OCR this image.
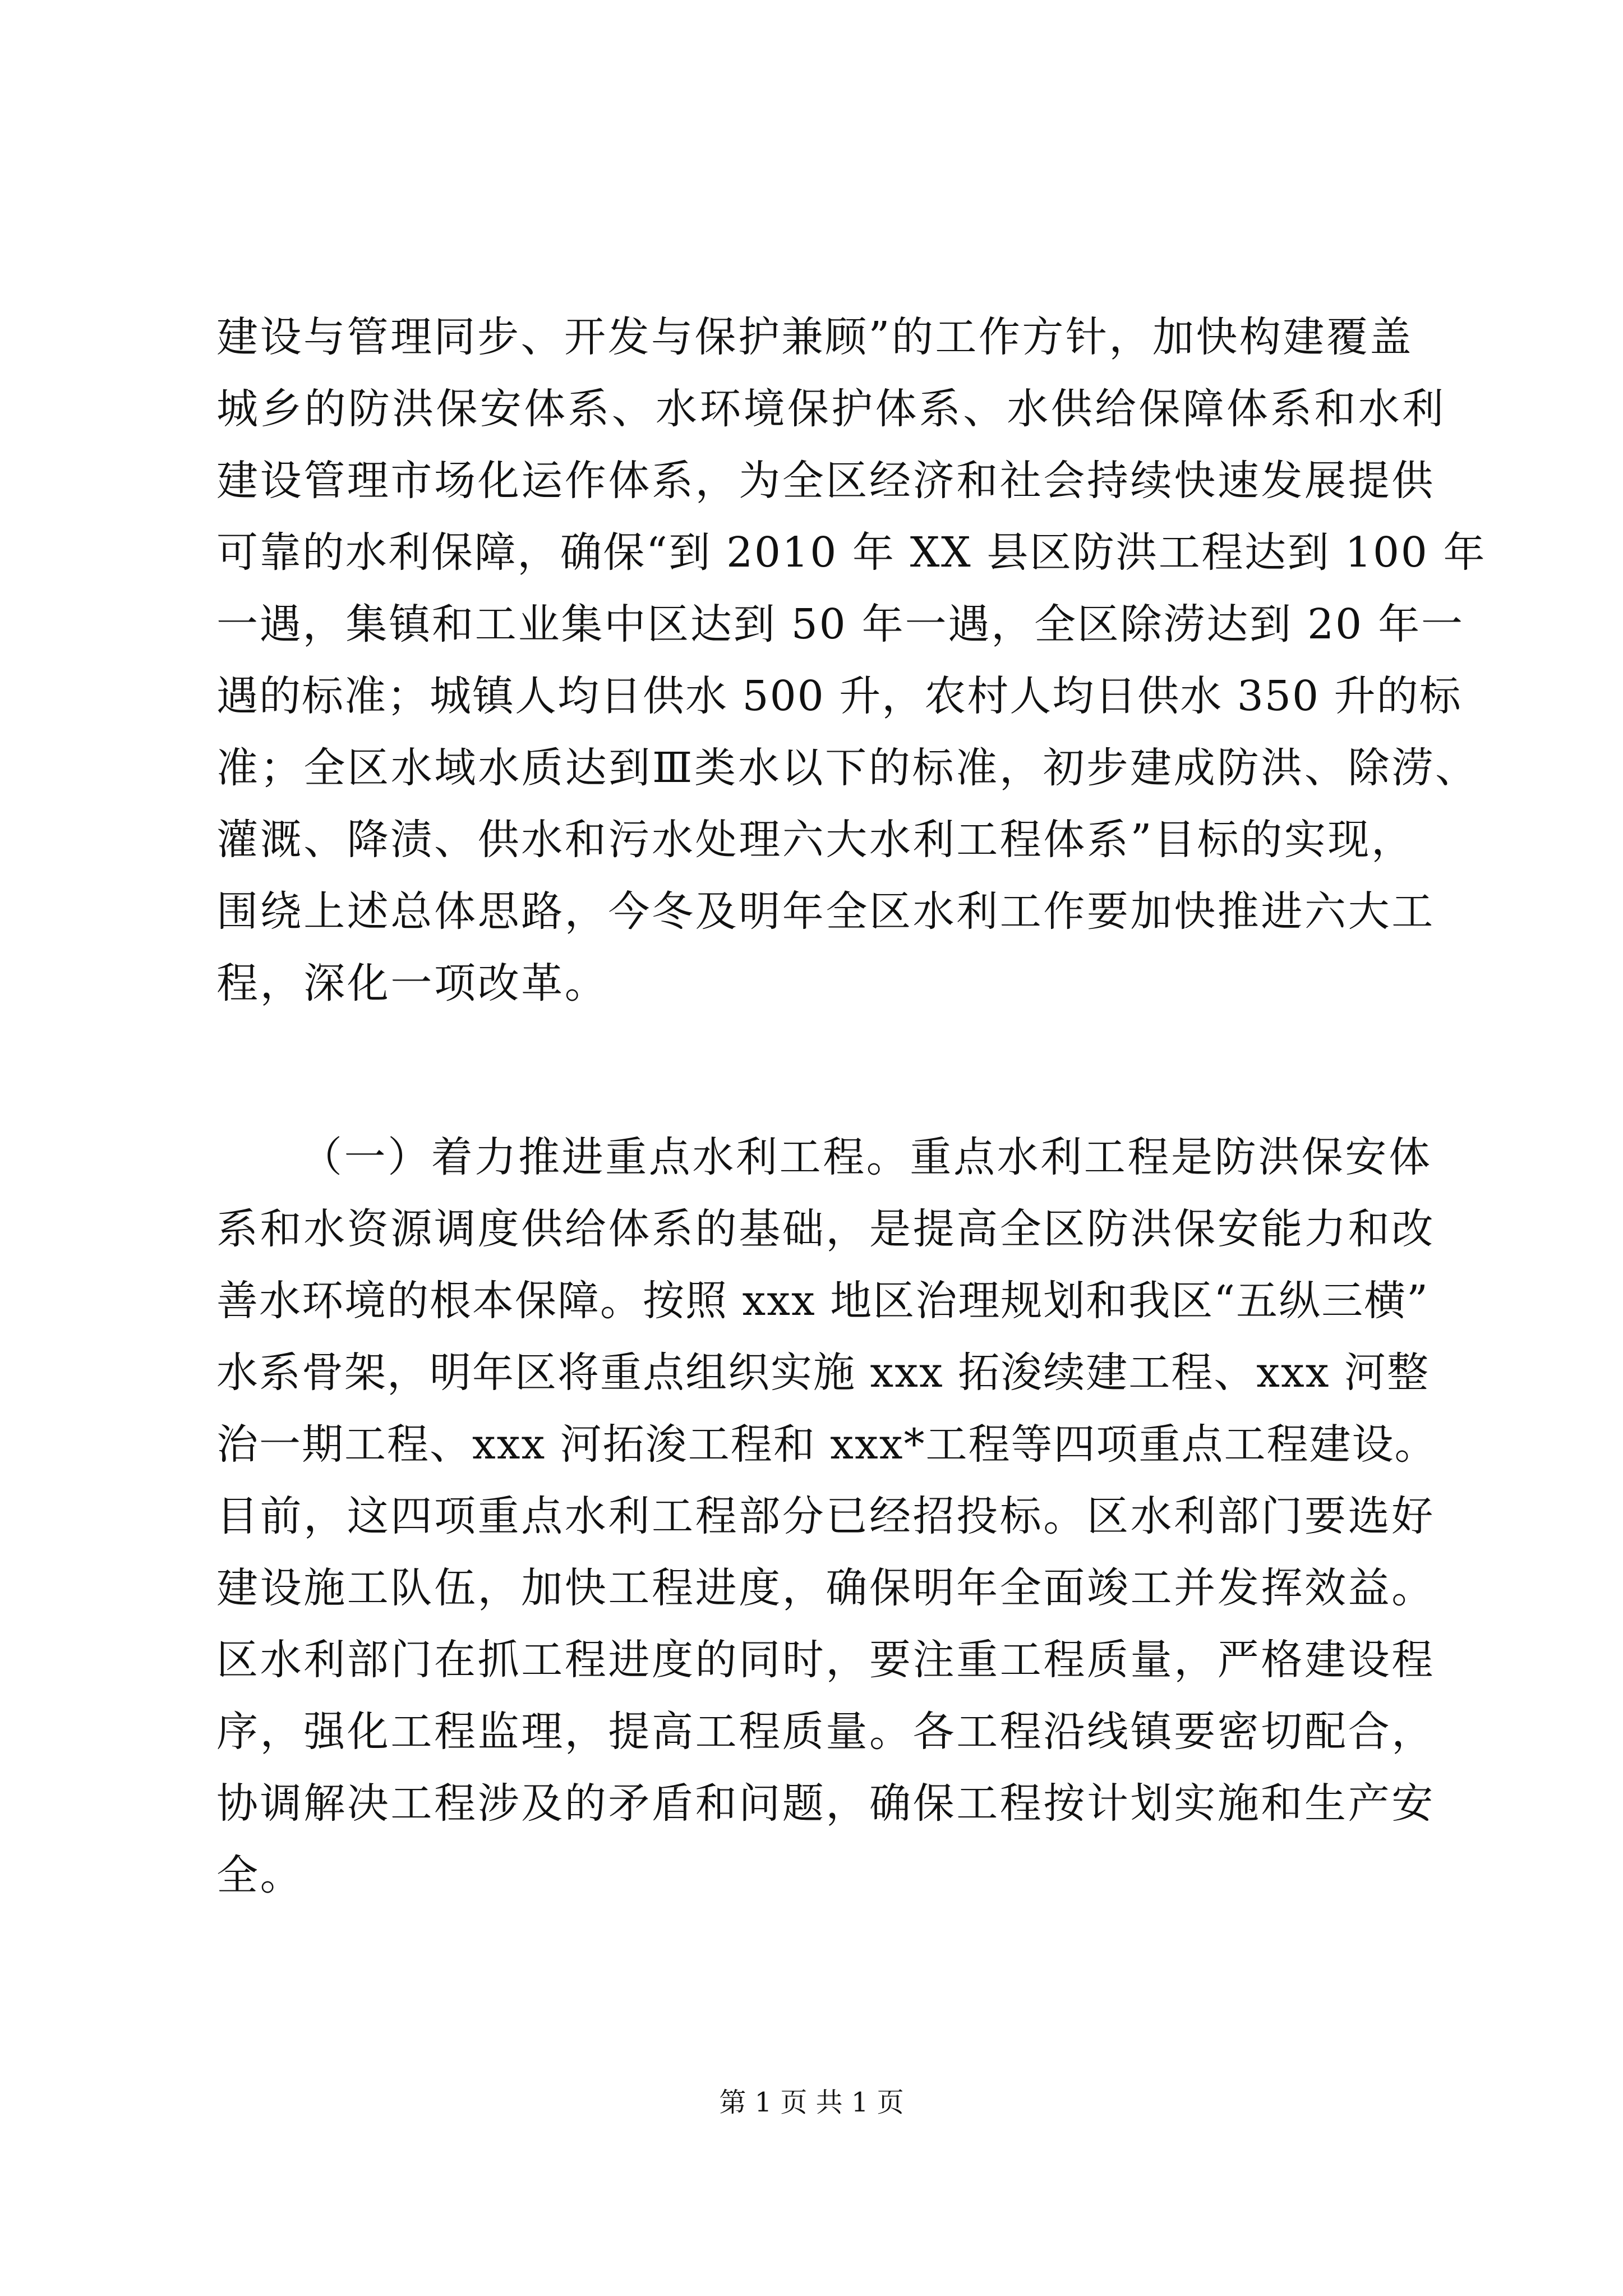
建设与管理同步、开发与保护兼顾”的工作方针，加快构建覆盖
城乡的防洪保安体系、水环境保护体系、水供给保障体系和水利
建设管理市场化运作体系，为全区经济和社会持续快速发展提供
可靠的水利保障，确保“到 2010 年 XX 县区防洪工程达到 100 年
一遇，集镇和工业集中区达到 50 年一遇，全区除涝达到 20 年一
遇的标准；城镇人均日供水 500 升，农村人均日供水 350 升的标
准；全区水域水质达到Ⅲ类水以下的标准，初步建成防洪、除涝、
灌溉、降渍、供水和污水处理六大水利工程体系”目标的实现，
围绕上述总体思路，今冬及明年全区水利工作要加快推进六大工
程，深化一项改革。
（一）着力推进重点水利工程。重点水利工程是防洪保安体
系和水资源调度供给体系的基础，是提高全区防洪保安能力和改
善水环境的根本保障。按照 xxx 地区治理规划和我区“五纵三横”
水系骨架，明年区将重点组织实施 xxx 拓浚续建工程、xxx 河整
治一期工程、xxx 河拓浚工程和 xxx*工程等四项重点工程建设。
目前，这四项重点水利工程部分已经招投标。区水利部门要选好
建设施工队伍，加快工程进度，确保明年全面竣工并发挥效益。
区水利部门在抓工程进度的同时，要注重工程质量，严格建设程
序，强化工程监理，提高工程质量。各工程沿线镇要密切配合，
协调解决工程涉及的矛盾和问题，确保工程按计划实施和生产安
全。
第 1 页 共 1 页
